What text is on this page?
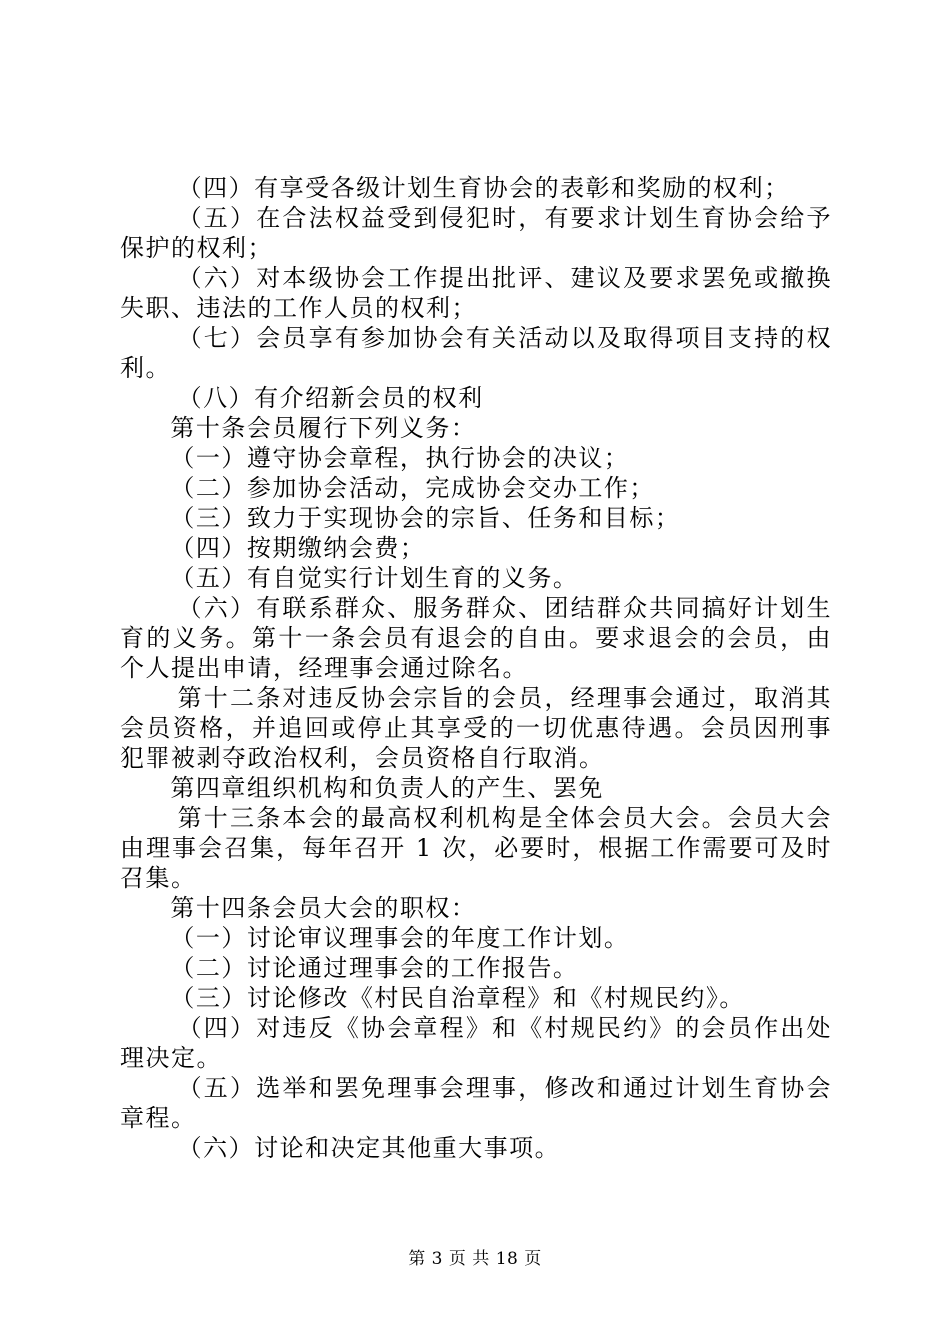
（四）有享受各级计划生育协会的表彰和奖励的权利；

（五）在合法权益受到侵犯时，有要求计划生育协会给予保护的权利；

（六）对本级协会工作提出批评、建议及要求罢免或撤换失职、违法的工作人员的权利；

（七）会员享有参加协会有关活动以及取得项目支持的权利。

（八）有介绍新会员的权利

第十条会员履行下列义务：

（一）遵守协会章程，执行协会的决议；

（二）参加协会活动，完成协会交办工作；

（三）致力于实现协会的宗旨、任务和目标；

（四）按期缴纳会费；

（五）有自觉实行计划生育的义务。

（六）有联系群众、服务群众、团结群众共同搞好计划生育的义务。第十一条会员有退会的自由。要求退会的会员，由个人提出申请，经理事会通过除名。

第十二条对违反协会宗旨的会员，经理事会通过，取消其会员资格，并追回或停止其享受的一切优惠待遇。会员因刑事犯罪被剥夺政治权利，会员资格自行取消。

第四章组织机构和负责人的产生、罢免

第十三条本会的最高权利机构是全体会员大会。会员大会由理事会召集，每年召开 1 次，必要时，根据工作需要可及时召集。

第十四条会员大会的职权：

（一）讨论审议理事会的年度工作计划。

（二）讨论通过理事会的工作报告。

（三）讨论修改《村民自治章程》和《村规民约》。

（四）对违反《协会章程》和《村规民约》的会员作出处理决定。

（五）选举和罢免理事会理事，修改和通过计划生育协会章程。

（六）讨论和决定其他重大事项。

第 3 页 共 18 页
